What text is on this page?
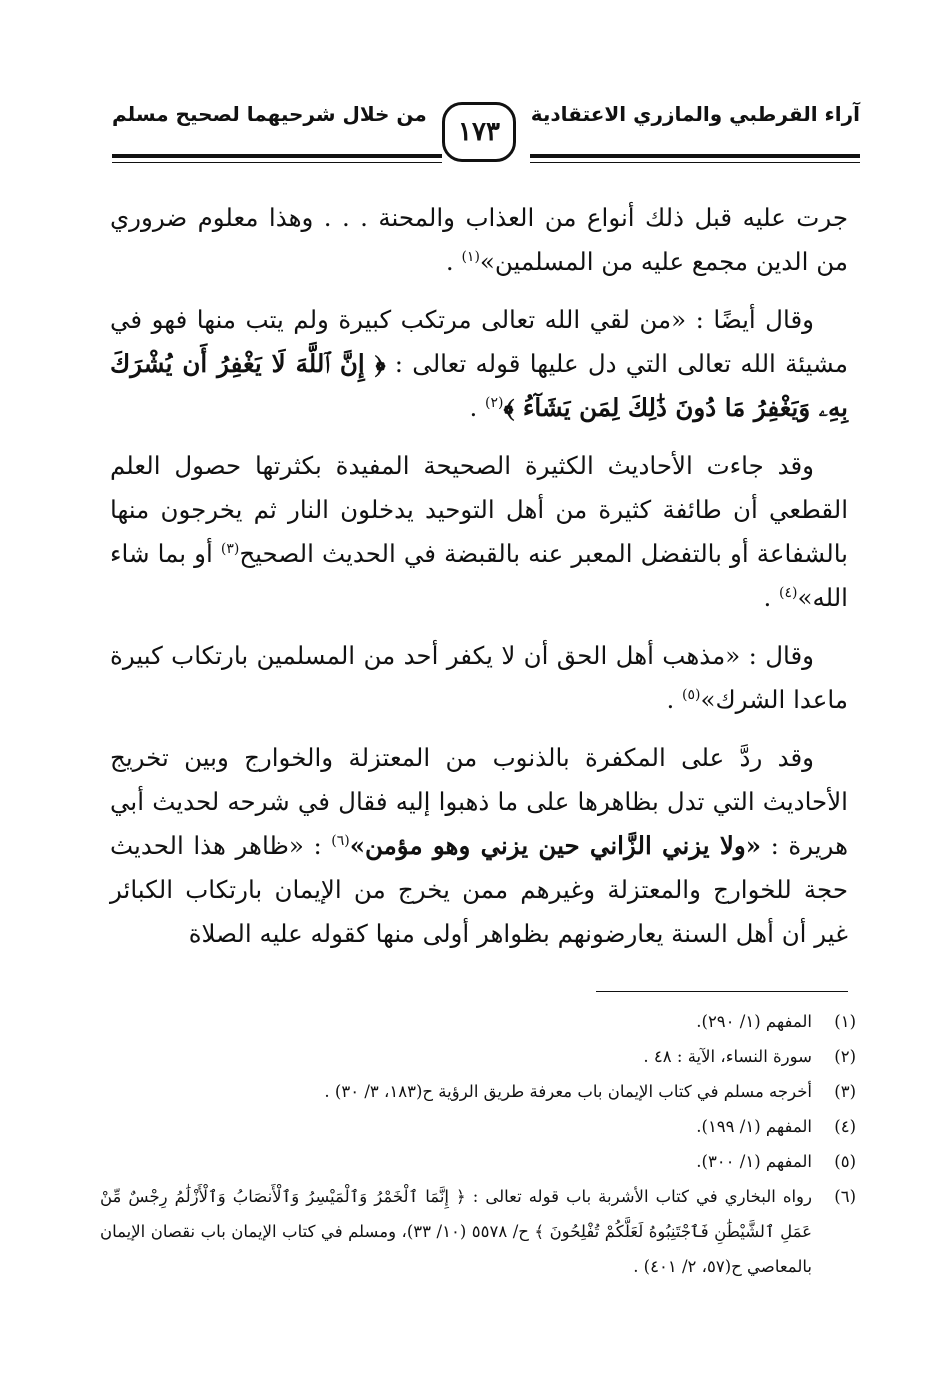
آراء القرطبي والمازري الاعتقادية
من خلال شرحيهما لصحيح مسلم
١٧٣

جرت عليه قبل ذلك أنواع من العذاب والمحنة . . . وهذا معلوم ضروري من الدين مجمع عليه من المسلمين»$^{(١)}$ .

وقال أيضًا : «من لقي الله تعالى مرتكب كبيرة ولم يتب منها فهو في مشيئة الله تعالى التي دل عليها قوله تعالى : ﴿ إِنَّ ٱللَّهَ لَا يَغْفِرُ أَن يُشْرَكَ بِهِۦ وَيَغْفِرُ مَا دُونَ ذَٰلِكَ لِمَن يَشَآءُ ﴾$^{(٢)}$ .

وقد جاءت الأحاديث الكثيرة الصحيحة المفيدة بكثرتها حصول العلم القطعي أن طائفة كثيرة من أهل التوحيد يدخلون النار ثم يخرجون منها بالشفاعة أو بالتفضل المعبر عنه بالقبضة في الحديث الصحيح$^{(٣)}$ أو بما شاء الله»$^{(٤)}$ .

وقال : «مذهب أهل الحق أن لا يكفر أحد من المسلمين بارتكاب كبيرة ماعدا الشرك»$^{(٥)}$ .

وقد ردَّ على المكفرة بالذنوب من المعتزلة والخوارج وبين تخريج الأحاديث التي تدل بظاهرها على ما ذهبوا إليه فقال في شرحه لحديث أبي هريرة : «ولا يزني الزَّاني حين يزني وهو مؤمن»$^{(٦)}$ : «ظاهر هذا الحديث حجة للخوارج والمعتزلة وغيرهم ممن يخرج من الإيمان بارتكاب الكبائر غير أن أهل السنة يعارضونهم بظواهر أولى منها كقوله عليه الصلاة

(١)
المفهم (١/ ٢٩٠).
(٢)
سورة النساء، الآية : ٤٨ .
(٣)
أخرجه مسلم في كتاب الإيمان باب معرفة طريق الرؤية ح(١٨٣، ٣/ ٣٠) .
(٤)
المفهم (١/ ١٩٩).
(٥)
المفهم (١/ ٣٠٠).
(٦)
رواه البخاري في كتاب الأشربة باب قوله تعالى : ﴿ إِنَّمَا ٱلْخَمْرُ وَٱلْمَيْسِرُ وَٱلْأَنصَابُ وَٱلْأَزْلَٰمُ رِجْسٌ مِّنْ عَمَلِ ٱلشَّيْطَٰنِ فَٱجْتَنِبُوهُ لَعَلَّكُمْ تُفْلِحُونَ ﴾ ح/ ٥٥٧٨ (١٠/ ٣٣)، ومسلم في كتاب الإيمان باب نقصان الإيمان بالمعاصي ح(٥٧، ٢/ ٤٠١) .
